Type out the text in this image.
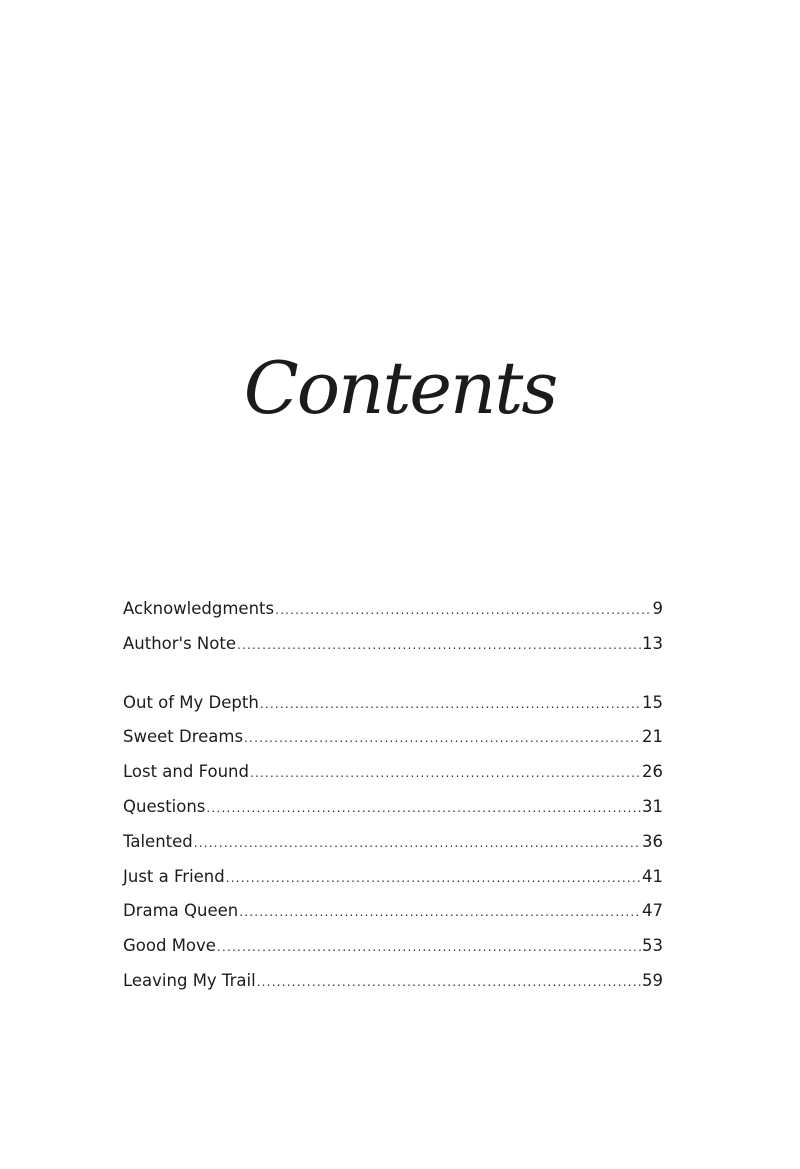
Contents
Acknowledgments .....	9
Author's Note .....	13
Out of My Depth .....	15
Sweet Dreams .....	21
Lost and Found .....	26
Questions .....	31
Talented .....	36
Just a Friend .....	41
Drama Queen .....	47
Good Move .....	53
Leaving My Trail .....	59
